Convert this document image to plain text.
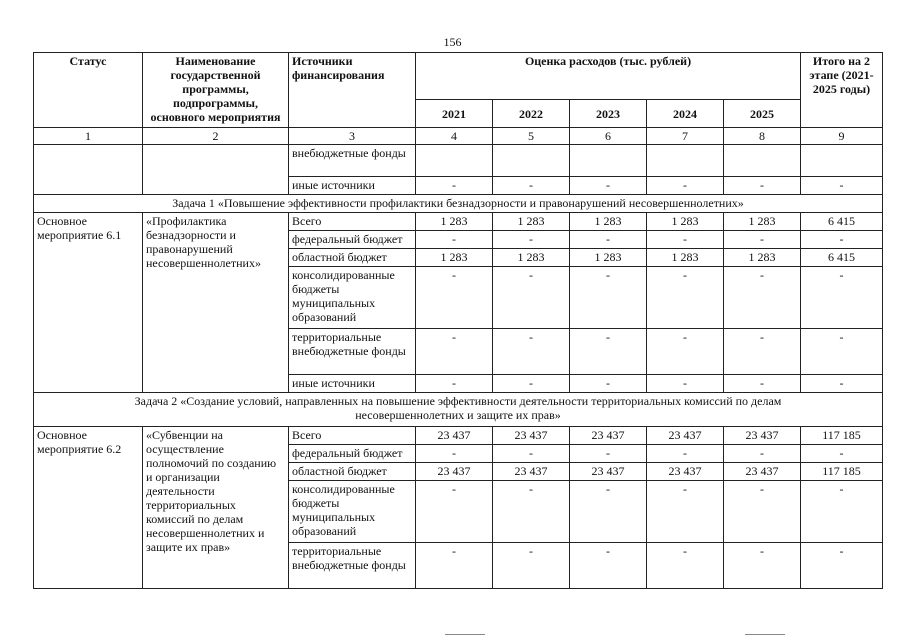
156
Статус	Наименование государственной программы, подпрограммы, основного мероприятия	Источники финансирования	Оценка расходов (тыс. рублей)					Итого на 2 этапе (2021-2025 годы)
			2021	2022	2023	2024	2025	
1	2	3	4	5	6	7	8	9
		внебюджетные фонды						
		иные источники	-	-	-	-	-	-
Задача 1 «Повышение эффективности профилактики безнадзорности и правонарушений несовершеннолетних»								
Основное мероприятие 6.1	«Профилактика безнадзорности и правонарушений несовершеннолетних»	Всего	1 283	1 283	1 283	1 283	1 283	6 415
		федеральный бюджет	-	-	-	-	-	-
		областной бюджет	1 283	1 283	1 283	1 283	1 283	6 415
		консолидированные бюджеты муниципальных образований	-	-	-	-	-	-
		территориальные внебюджетные фонды	-	-	-	-	-	-
		иные источники	-	-	-	-	-	-
Задача 2 «Создание условий, направленных на повышение эффективности деятельности территориальных комиссий по делам несовершеннолетних и защите их прав»								
Основное мероприятие 6.2	«Субвенции на осуществление полномочий по созданию и организации деятельности территориальных комиссий по делам несовершеннолетних и защите их прав»	Всего	23 437	23 437	23 437	23 437	23 437	117 185
		федеральный бюджет	-	-	-	-	-	-
		областной бюджет	23 437	23 437	23 437	23 437	23 437	117 185
		консолидированные бюджеты муниципальных образований	-	-	-	-	-	-
		территориальные внебюджетные фонды	-	-	-	-	-	-
